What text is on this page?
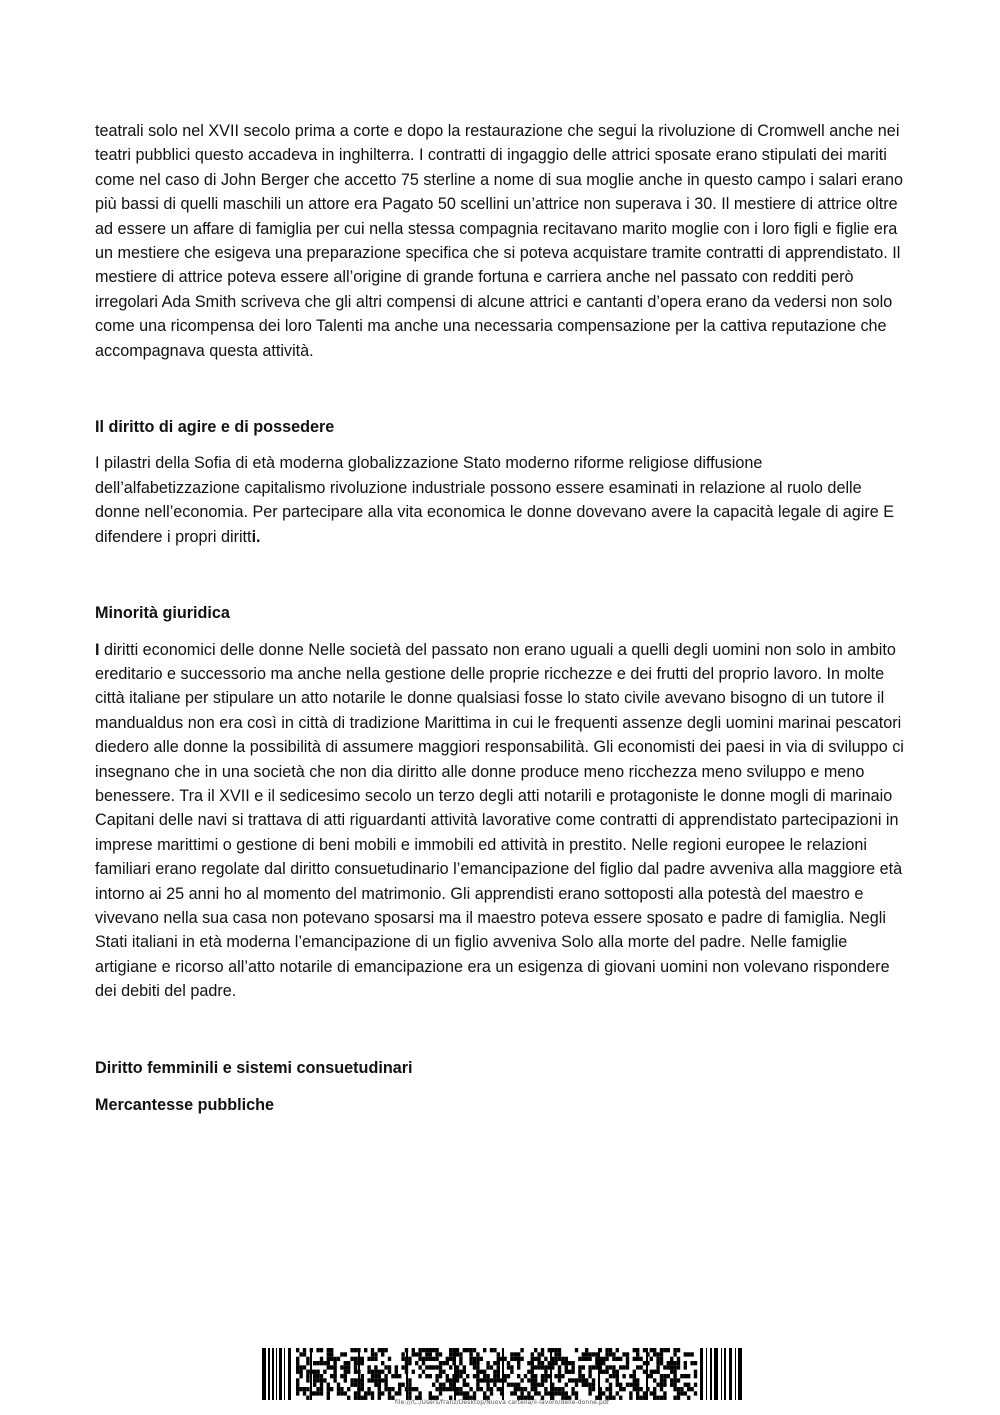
teatrali solo nel XVII secolo prima a corte e dopo la restaurazione che segui la rivoluzione di Cromwell anche nei teatri pubblici questo accadeva in inghilterra. I contratti di ingaggio delle attrici sposate erano stipulati dei mariti come nel caso di John Berger che accetto 75 sterline a nome di sua moglie anche in questo campo i salari erano più bassi di quelli maschili un attore era Pagato 50 scellini un’attrice non superava i 30. Il mestiere di attrice oltre ad essere un affare di famiglia per cui nella stessa compagnia recitavano marito moglie con i loro figli e figlie era un mestiere che esigeva una preparazione specifica che si poteva acquistare tramite contratti di apprendistato. Il mestiere di attrice poteva essere all’origine di grande fortuna e carriera anche nel passato con redditi però irregolari Ada Smith scriveva che gli altri compensi di alcune attrici e cantanti d’opera erano da vedersi non solo come una ricompensa dei loro Talenti ma anche una necessaria compensazione per la cattiva reputazione che accompagnava questa attività.

Il diritto di agire e di possedere

I pilastri della Sofia di età moderna globalizzazione Stato moderno riforme religiose diffusione dell’alfabetizzazione capitalismo rivoluzione industriale possono essere esaminati in relazione al ruolo delle donne nell’economia. Per partecipare alla vita economica le donne dovevano avere la capacità legale di agire E difendere i propri diritti.

Minorità giuridica

I diritti economici delle donne Nelle società del passato non erano uguali a quelli degli uomini non solo in ambito ereditario e successorio ma anche nella gestione delle proprie ricchezze e dei frutti del proprio lavoro. In molte città italiane per stipulare un atto notarile le donne qualsiasi fosse lo stato civile avevano bisogno di un tutore il mandualdus non era così in città di tradizione Marittima in cui le frequenti assenze degli uomini marinai pescatori diedero alle donne la possibilità di assumere maggiori responsabilità. Gli economisti dei paesi in via di sviluppo ci insegnano che in una società che non dia diritto alle donne produce meno ricchezza meno sviluppo e meno benessere. Tra il XVII e il sedicesimo secolo un terzo degli atti notarili e protagoniste le donne mogli di marinaio Capitani delle navi si trattava di atti riguardanti attività lavorative come contratti di apprendistato partecipazioni in imprese marittimi o gestione di beni mobili e immobili ed attività in prestito. Nelle regioni europee le relazioni familiari erano regolate dal diritto consuetudinario l’emancipazione del figlio dal padre avveniva alla maggiore età intorno ai 25 anni ho al momento del matrimonio. Gli apprendisti erano sottoposti alla potestà del maestro e vivevano nella sua casa non potevano sposarsi ma il maestro poteva essere sposato e padre di famiglia. Negli Stati italiani in età moderna l’emancipazione di un figlio avveniva Solo alla morte del padre. Nelle famiglie artigiane e ricorso all’atto notarile di emancipazione era un esigenza di giovani uomini non volevano rispondere dei debiti del padre.

Diritto femminili e sistemi consuetudinari
Mercantesse pubbliche
file:///C:/Users/franz/Desktop/Nuova cartella/il-lavoro/delle-donne.pdf
